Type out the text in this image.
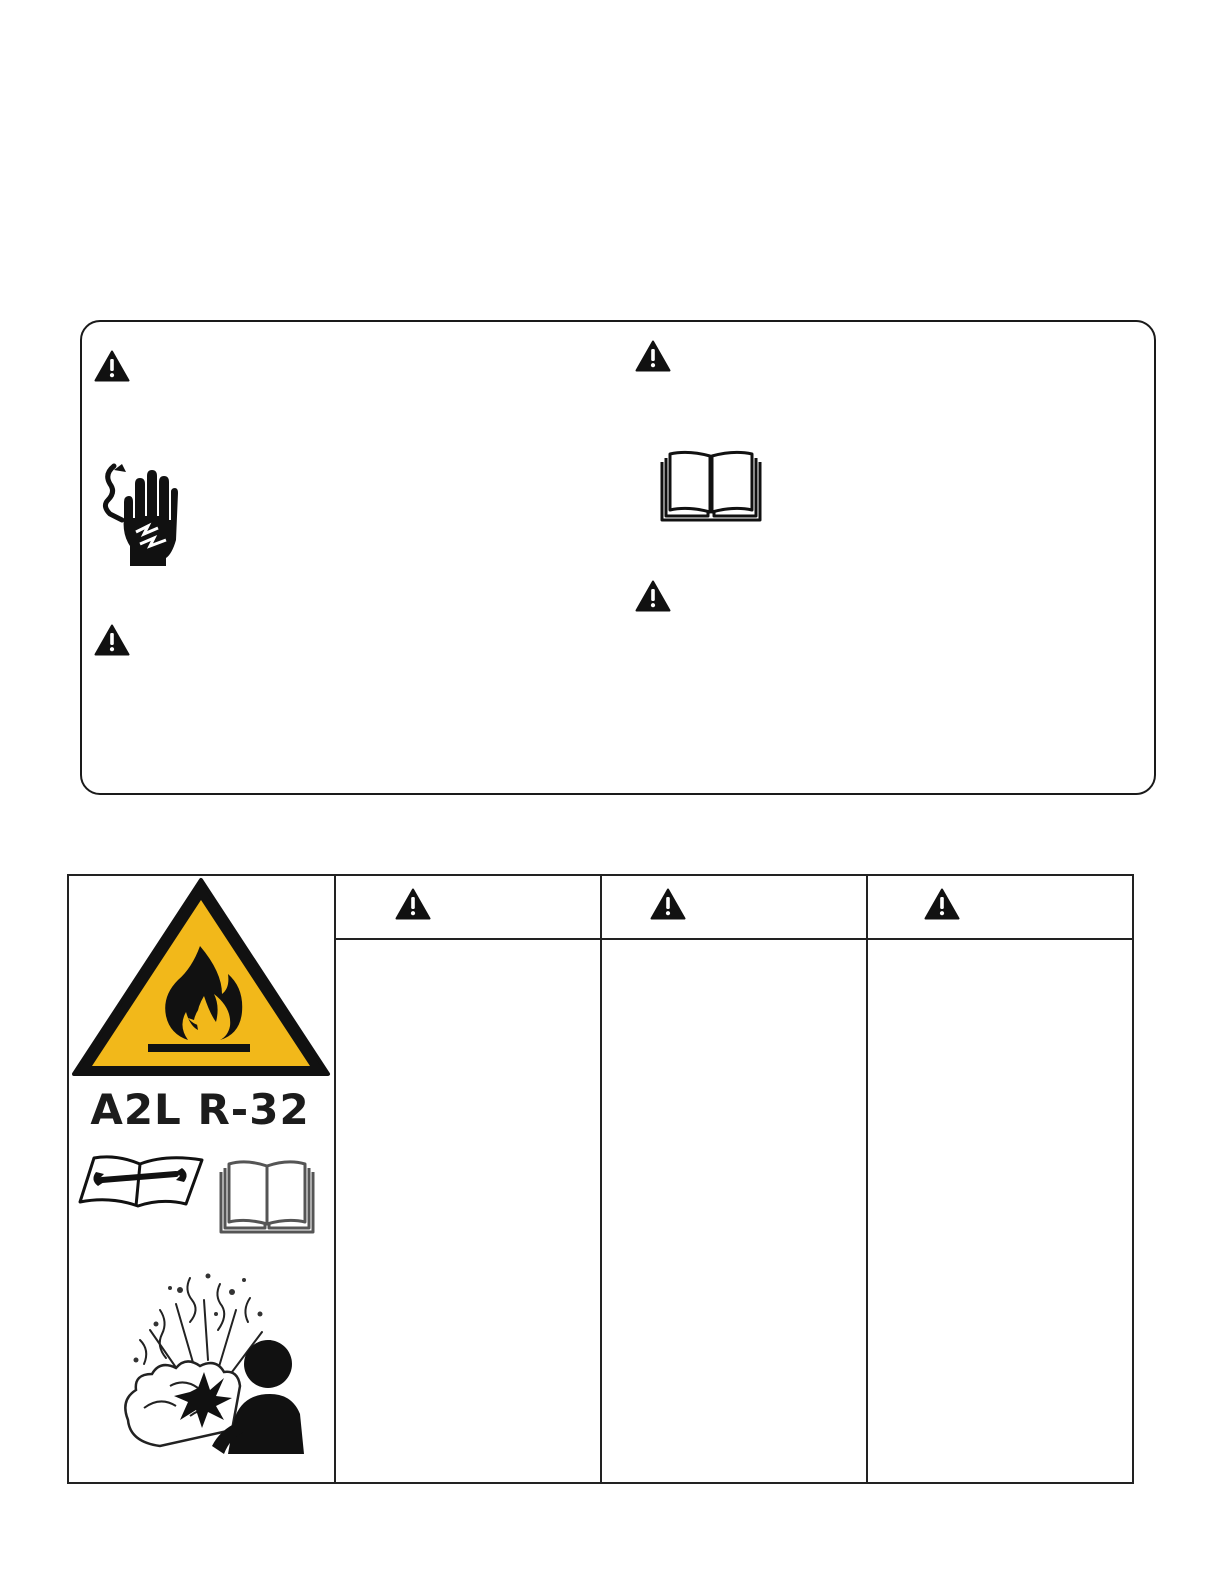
A2L R-32
